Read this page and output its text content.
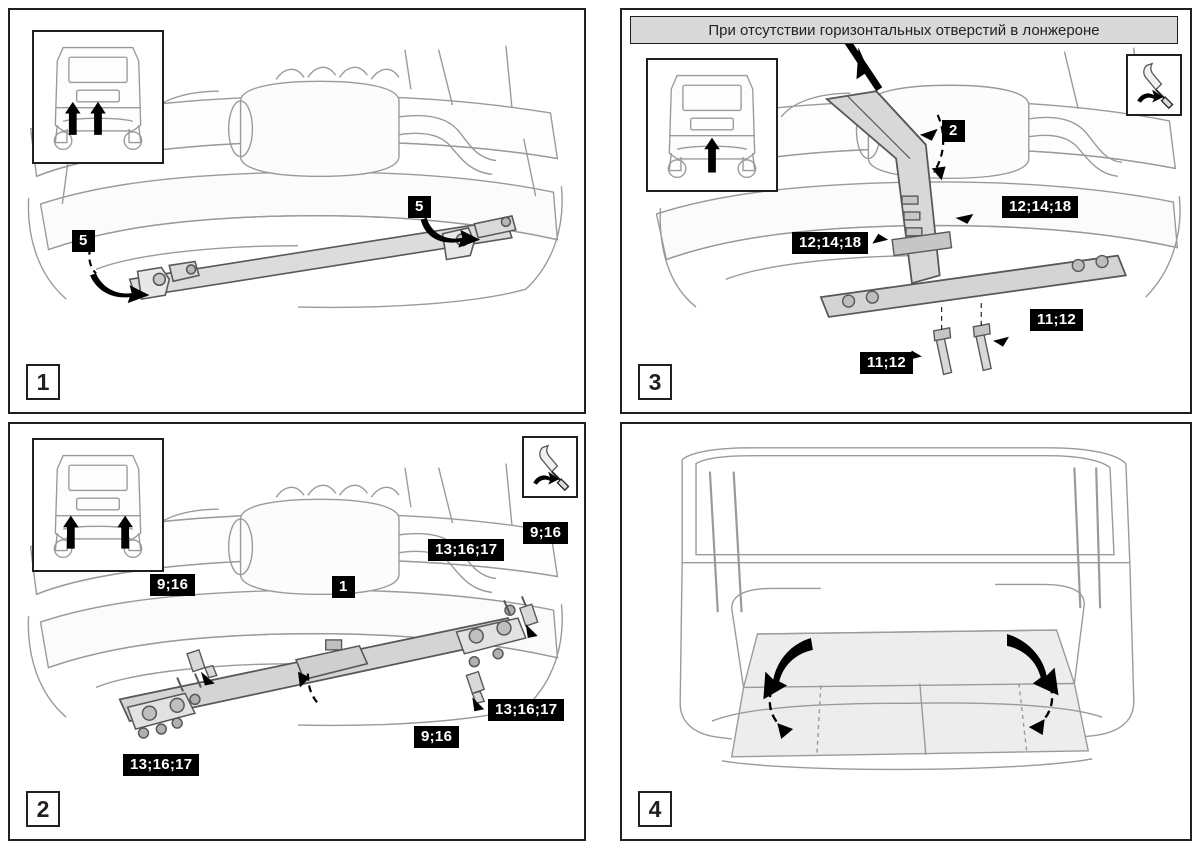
1
5
5
2
9;16	1
13;16;17
9;16
13;16;17
9;16
13;16;17
При отсутствии горизонтальных отверстий в лонжероне
3
2
12;14;18
12;14;18
11;12
11;12
4
